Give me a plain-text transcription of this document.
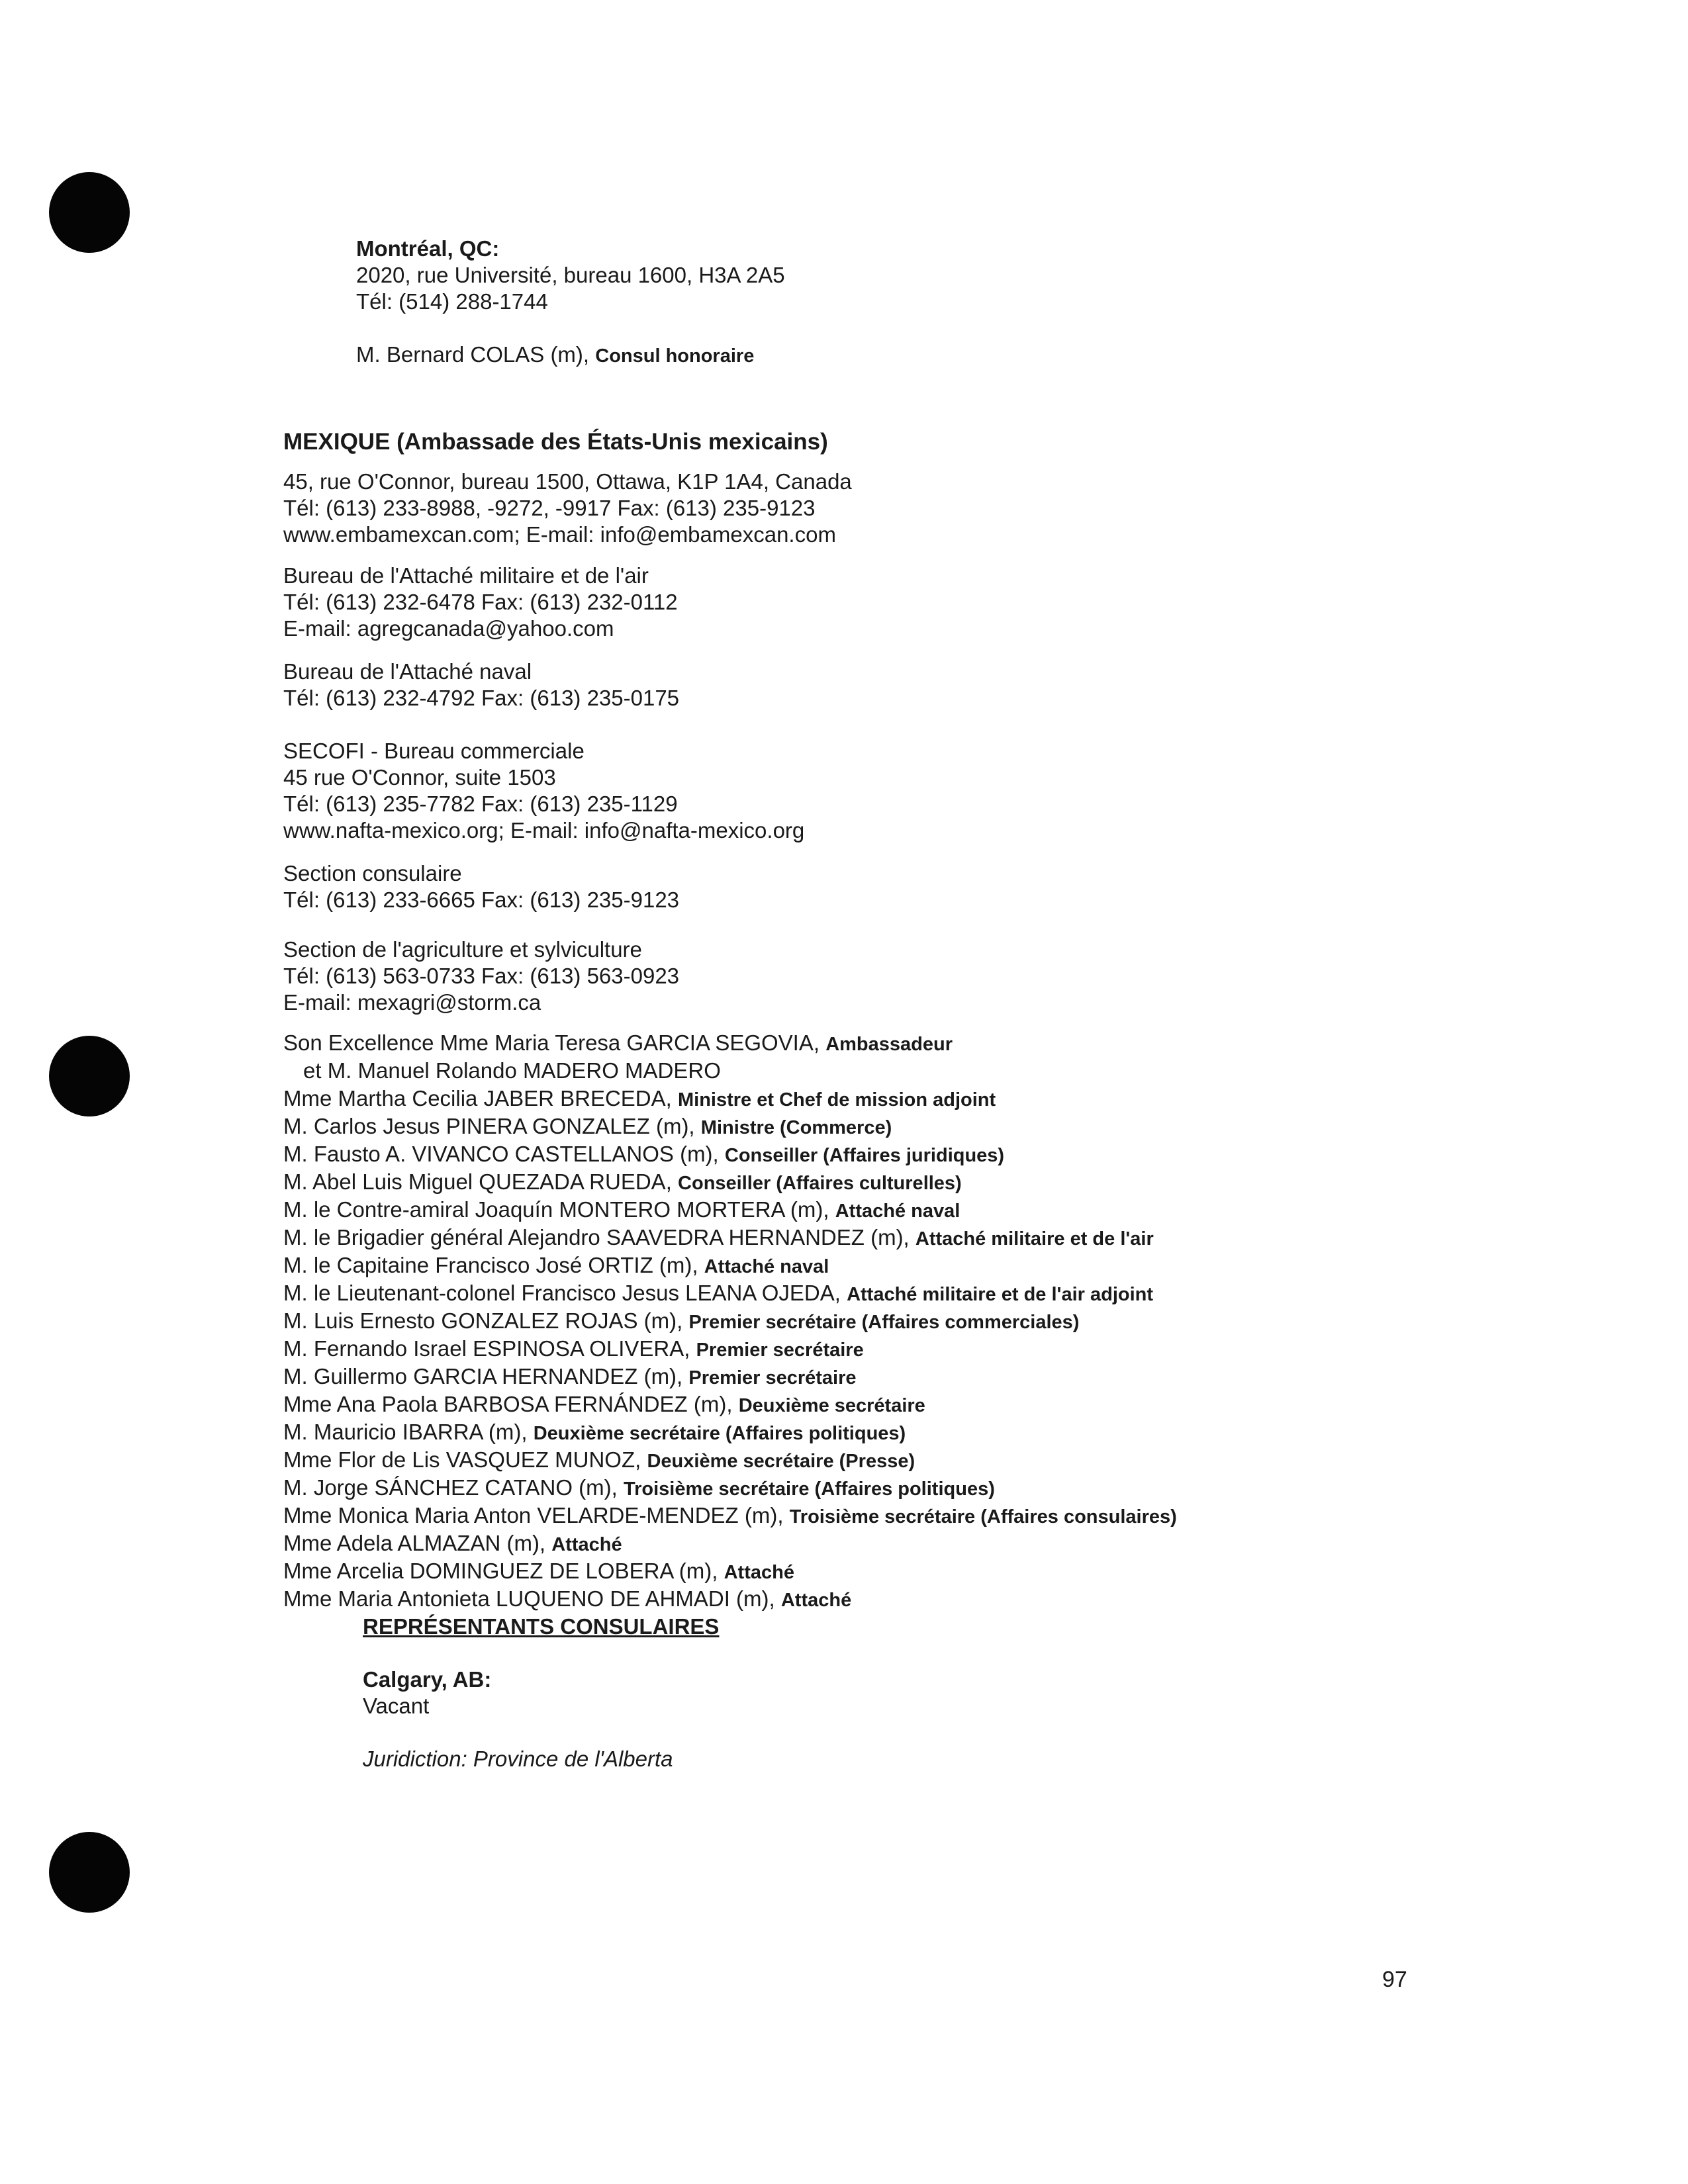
Montréal, QC:
2020, rue Université, bureau 1600, H3A 2A5
Tél: (514) 288-1744
M. Bernard COLAS (m), Consul honoraire
MEXIQUE (Ambassade des États-Unis mexicains)
45, rue O'Connor, bureau 1500, Ottawa, K1P 1A4, Canada
Tél: (613) 233-8988, -9272, -9917 Fax: (613) 235-9123
www.embamexcan.com; E-mail: info@embamexcan.com
Bureau de l'Attaché militaire et de l'air
Tél: (613) 232-6478 Fax: (613) 232-0112
E-mail: agregcanada@yahoo.com
Bureau de l'Attaché naval
Tél: (613) 232-4792 Fax: (613) 235-0175
SECOFI - Bureau commerciale
45 rue O'Connor, suite 1503
Tél: (613) 235-7782 Fax: (613) 235-1129
www.nafta-mexico.org; E-mail: info@nafta-mexico.org
Section consulaire
Tél: (613) 233-6665 Fax: (613) 235-9123
Section de l'agriculture et sylviculture
Tél: (613) 563-0733 Fax: (613) 563-0923
E-mail: mexagri@storm.ca
Son Excellence Mme Maria Teresa GARCIA SEGOVIA, Ambassadeur
et M. Manuel Rolando MADERO MADERO
Mme Martha Cecilia JABER BRECEDA, Ministre et Chef de mission adjoint
M. Carlos Jesus PINERA GONZALEZ (m), Ministre (Commerce)
M. Fausto A. VIVANCO CASTELLANOS (m), Conseiller (Affaires juridiques)
M. Abel Luis Miguel QUEZADA RUEDA, Conseiller (Affaires culturelles)
M. le Contre-amiral Joaquín MONTERO MORTERA (m), Attaché naval
M. le Brigadier général Alejandro SAAVEDRA HERNANDEZ (m), Attaché militaire et de l'air
M. le Capitaine Francisco José ORTIZ (m), Attaché naval
M. le Lieutenant-colonel Francisco Jesus LEANA OJEDA, Attaché militaire et de l'air adjoint
M. Luis Ernesto GONZALEZ ROJAS (m), Premier secrétaire (Affaires commerciales)
M. Fernando Israel ESPINOSA OLIVERA, Premier secrétaire
M. Guillermo GARCIA HERNANDEZ (m), Premier secrétaire
Mme Ana Paola BARBOSA FERNÁNDEZ (m), Deuxième secrétaire
M. Mauricio IBARRA (m), Deuxième secrétaire (Affaires politiques)
Mme Flor de Lis VASQUEZ MUNOZ, Deuxième secrétaire (Presse)
M. Jorge SÁNCHEZ CATANO (m), Troisième secrétaire (Affaires politiques)
Mme Monica Maria Anton VELARDE-MENDEZ (m), Troisième secrétaire (Affaires consulaires)
Mme Adela ALMAZAN (m), Attaché
Mme Arcelia DOMINGUEZ DE LOBERA (m), Attaché
Mme Maria Antonieta LUQUENO DE AHMADI (m), Attaché
REPRÉSENTANTS CONSULAIRES
Calgary, AB:
Vacant
Juridiction: Province de l'Alberta
97
